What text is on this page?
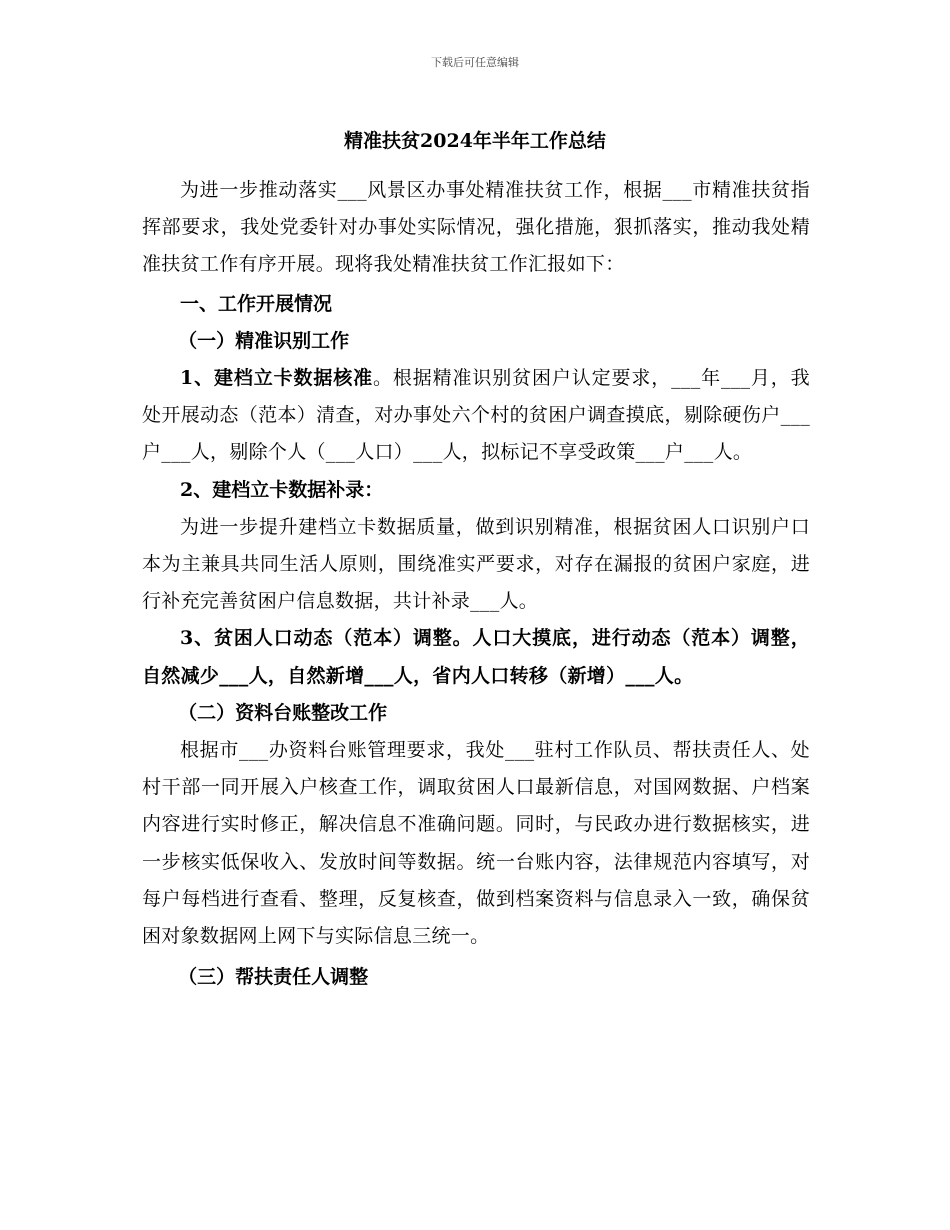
下载后可任意编辑
精准扶贫2024年半年工作总结

为进一步推动落实___风景区办事处精准扶贫工作，根据___市精准扶贫指挥部要求，我处党委针对办事处实际情况，强化措施，狠抓落实，推动我处精准扶贫工作有序开展。现将我处精准扶贫工作汇报如下：

一、工作开展情况

（一）精准识别工作

1、建档立卡数据核准。根据精准识别贫困户认定要求，___年___月，我处开展动态（范本）清查，对办事处六个村的贫困户调查摸底，剔除硬伤户___户___人，剔除个人（___人口）___人，拟标记不享受政策___户___人。

2、建档立卡数据补录：

为进一步提升建档立卡数据质量，做到识别精准，根据贫困人口识别户口本为主兼具共同生活人原则，围绕准实严要求，对存在漏报的贫困户家庭，进行补充完善贫困户信息数据，共计补录___人。

3、贫困人口动态（范本）调整。人口大摸底，进行动态（范本）调整，自然减少___人，自然新增___人，省内人口转移（新增）___人。

（二）资料台账整改工作

根据市___办资料台账管理要求，我处___驻村工作队员、帮扶责任人、处村干部一同开展入户核查工作，调取贫困人口最新信息，对国网数据、户档案内容进行实时修正，解决信息不准确问题。同时，与民政办进行数据核实，进一步核实低保收入、发放时间等数据。统一台账内容，法律规范内容填写，对每户每档进行查看、整理，反复核查，做到档案资料与信息录入一致，确保贫困对象数据网上网下与实际信息三统一。

（三）帮扶责任人调整
